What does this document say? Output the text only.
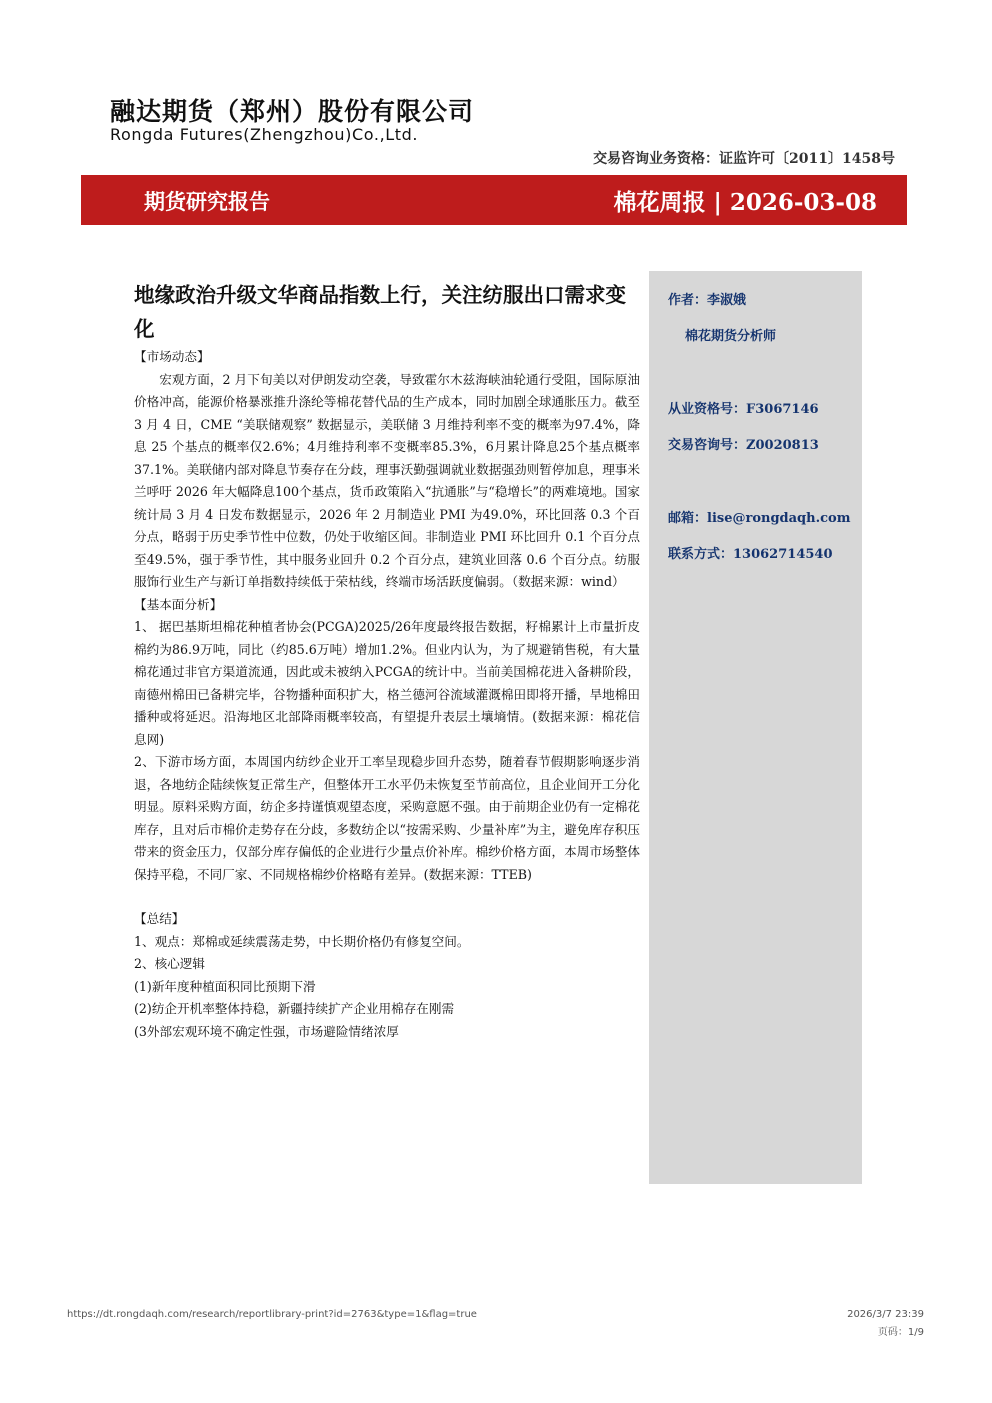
融达期货（郑州）股份有限公司
Rongda Futures(Zhengzhou)Co.,Ltd.
交易咨询业务资格：证监许可〔2011〕1458号
期货研究报告	棉花周报 | 2026-03-08
作者：李淑娥
棉花期货分析师
从业资格号：F3067146
交易咨询号：Z0020813
邮箱：lise@rongdaqh.com
联系方式：13062714540
地缘政治升级文华商品指数上行，关注纺服出口需求变化

【市场动态】

宏观方面，2 月下旬美以对伊朗发动空袭，导致霍尔木兹海峡油轮通行受阻，国际原油价格冲高，能源价格暴涨推升涤纶等棉花替代品的生产成本，同时加剧全球通胀压力。截至 3 月 4 日，CME “美联储观察” 数据显示，美联储 3 月维持利率不变的概率为97.4%，降息 25 个基点的概率仅2.6%；4月维持利率不变概率85.3%，6月累计降息25个基点概率 37.1%。美联储内部对降息节奏存在分歧，理事沃勤强调就业数据强劲则暂停加息，理事米兰呼吁 2026 年大幅降息100个基点，货币政策陷入“抗通胀”与“稳增长”的两难境地。国家统计局 3 月 4 日发布数据显示，2026 年 2 月制造业 PMI 为49.0%，环比回落 0.3 个百分点，略弱于历史季节性中位数，仍处于收缩区间。非制造业 PMI 环比回升 0.1 个百分点至49.5%，强于季节性，其中服务业回升 0.2 个百分点，建筑业回落 0.6 个百分点。纺服服饰行业生产与新订单指数持续低于荣枯线，终端市场活跃度偏弱。（数据来源：wind）

【基本面分析】

1、 据巴基斯坦棉花种植者协会(PCGA)2025/26年度最终报告数据，籽棉累计上市量折皮棉约为86.9万吨，同比（约85.6万吨）增加1.2%。但业内认为，为了规避销售税，有大量棉花通过非官方渠道流通，因此或未被纳入PCGA的统计中。当前美国棉花进入备耕阶段，南德州棉田已备耕完毕，谷物播种面积扩大，格兰德河谷流域灌溉棉田即将开播，旱地棉田播种或将延迟。沿海地区北部降雨概率较高，有望提升表层土壤墒情。(数据来源：棉花信息网)

2、下游市场方面，本周国内纺纱企业开工率呈现稳步回升态势，随着春节假期影响逐步消退，各地纺企陆续恢复正常生产，但整体开工水平仍未恢复至节前高位，且企业间开工分化明显。原料采购方面，纺企多持谨慎观望态度，采购意愿不强。由于前期企业仍有一定棉花库存，且对后市棉价走势存在分歧，多数纺企以“按需采购、少量补库”为主，避免库存积压带来的资金压力，仅部分库存偏低的企业进行少量点价补库。棉纱价格方面，本周市场整体保持平稳，不同厂家、不同规格棉纱价格略有差异。(数据来源：TTEB)

【总结】

1、观点：郑棉或延续震荡走势，中长期价格仍有修复空间。

2、核心逻辑

(1)新年度种植面积同比预期下滑

(2)纺企开机率整体持稳，新疆持续扩产企业用棉存在刚需

(3外部宏观环境不确定性强，市场避险情绪浓厚

https://dt.rongdaqh.com/research/reportlibrary-print?id=2763&type=1&flag=true	2026/3/7 23:39
页码：1/9
